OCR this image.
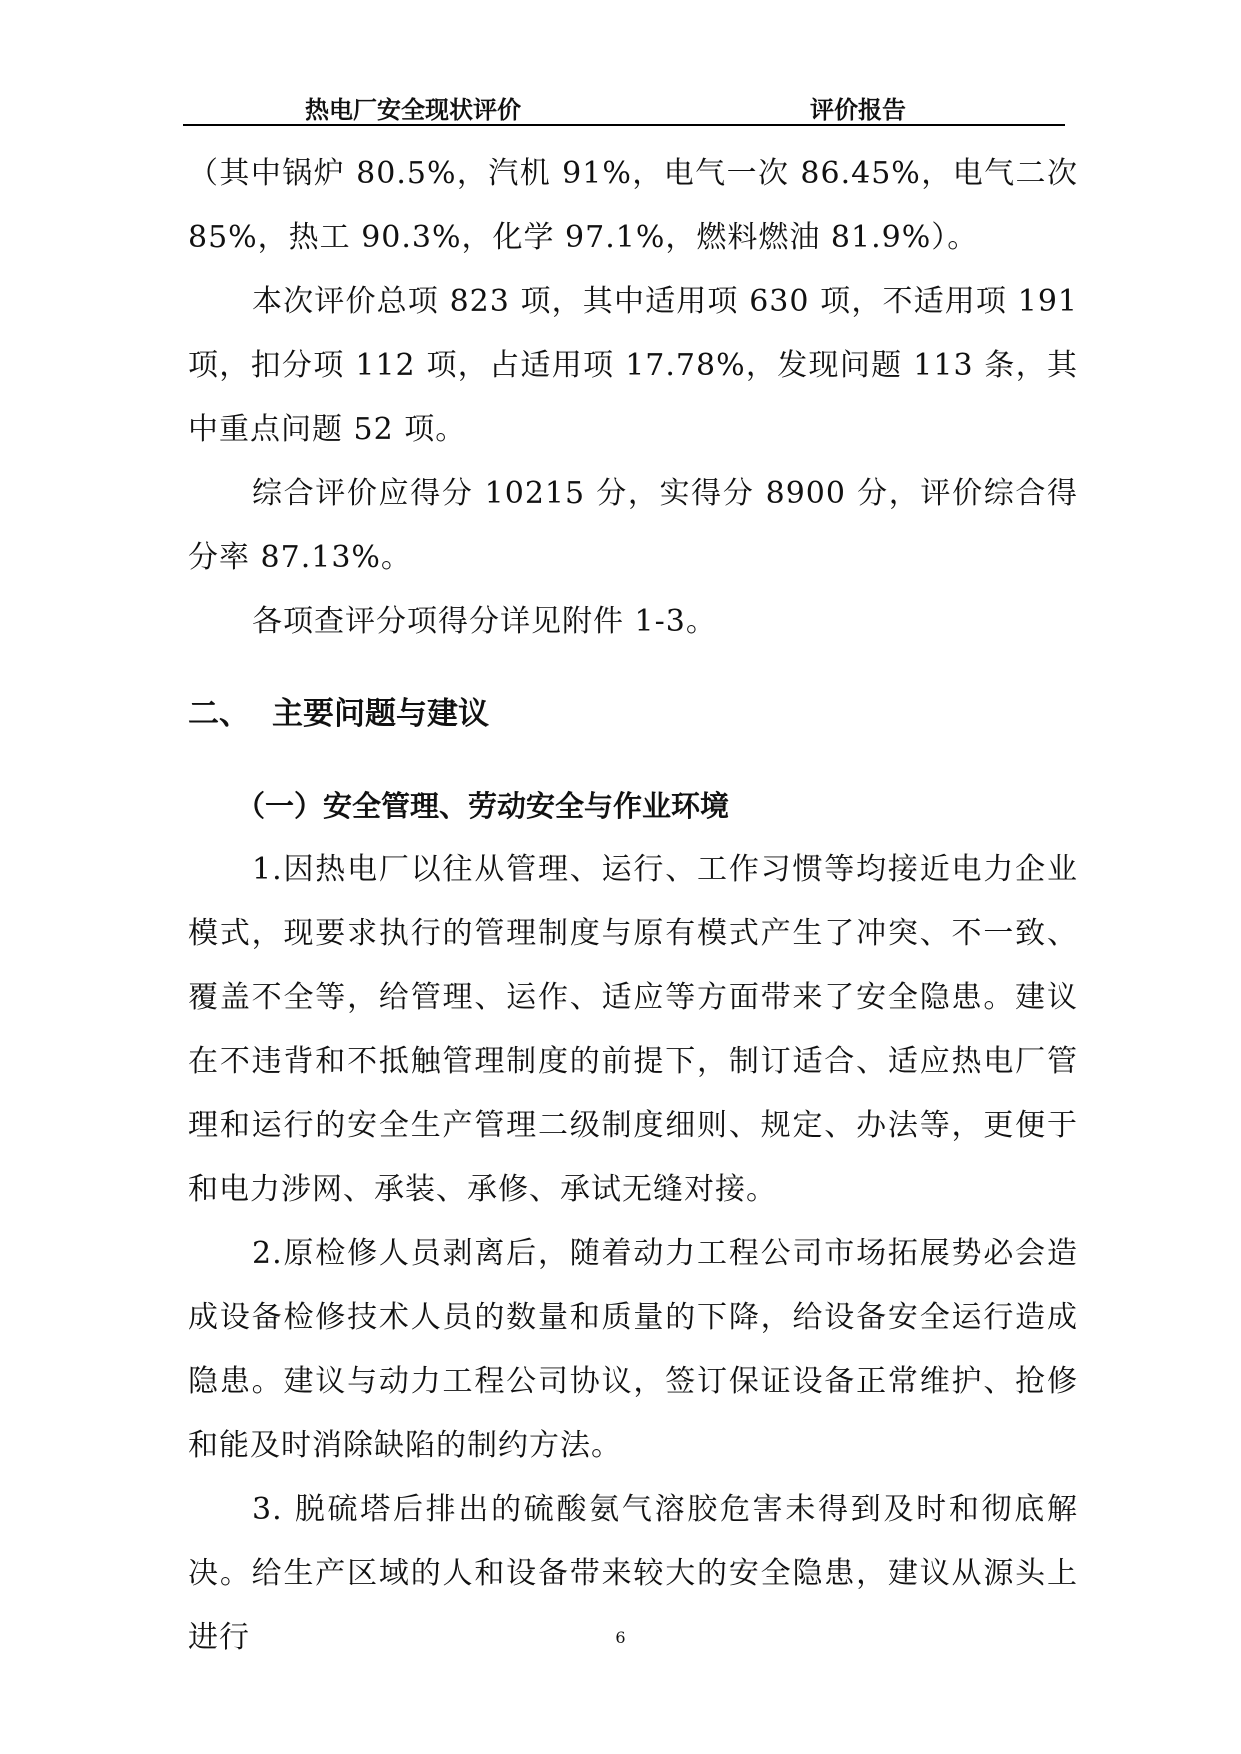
热电厂安全现状评价	评价报告

（其中锅炉 80.5%，汽机 91%，电气一次 86.45%，电气二次 85%，热工 90.3%，化学 97.1%，燃料燃油 81.9%）。

本次评价总项 823 项，其中适用项 630 项，不适用项 191 项，扣分项 112 项，占适用项 17.78%，发现问题 113 条，其中重点问题 52 项。

综合评价应得分 10215 分，实得分 8900 分，评价综合得分率 87.13%。

各项查评分项得分详见附件 1-3。

二、 主要问题与建议

（一）安全管理、劳动安全与作业环境

1.因热电厂以往从管理、运行、工作习惯等均接近电力企业模式，现要求执行的管理制度与原有模式产生了冲突、不一致、覆盖不全等，给管理、运作、适应等方面带来了安全隐患。建议在不违背和不抵触管理制度的前提下，制订适合、适应热电厂管理和运行的安全生产管理二级制度细则、规定、办法等，更便于和电力涉网、承装、承修、承试无缝对接。

2.原检修人员剥离后，随着动力工程公司市场拓展势必会造成设备检修技术人员的数量和质量的下降，给设备安全运行造成隐患。建议与动力工程公司协议，签订保证设备正常维护、抢修和能及时消除缺陷的制约方法。

3. 脱硫塔后排出的硫酸氨气溶胶危害未得到及时和彻底解决。给生产区域的人和设备带来较大的安全隐患，建议从源头上进行	6
